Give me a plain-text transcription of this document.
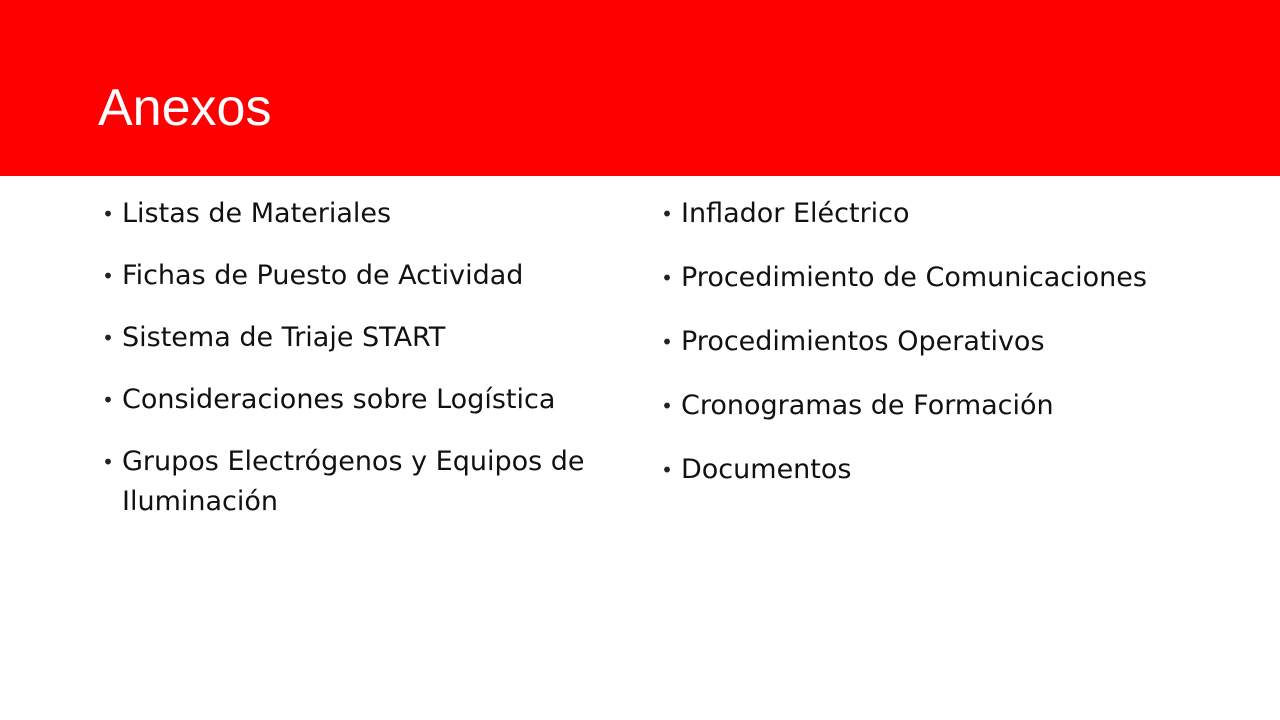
Anexos
• Listas de Materiales
• Fichas de Puesto de Actividad
• Sistema de Triaje START
• Consideraciones sobre Logística
• Grupos Electrógenos y Equipos de Iluminación
• Inflador Eléctrico
• Procedimiento de Comunicaciones
• Procedimientos Operativos
• Cronogramas de Formación
• Documentos
